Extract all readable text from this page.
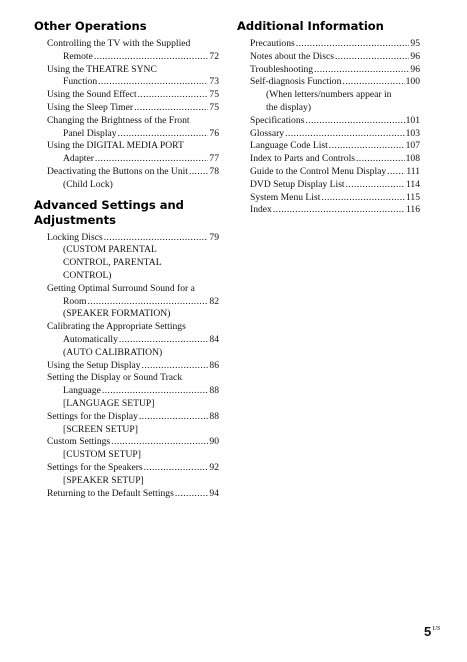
Other Operations
Controlling the TV with the Supplied
Remote .....	72
Using the THEATRE SYNC
Function .....	73
Using the Sound Effect .....	75
Using the Sleep Timer .....	75
Changing the Brightness of the Front
Panel Display .....	76
Using the DIGITAL MEDIA PORT
Adapter .....	77
Deactivating the Buttons on the Unit ..... 78
(Child Lock)
Advanced Settings and Adjustments
Locking Discs .....	79
(CUSTOM PARENTAL
CONTROL, PARENTAL
CONTROL)
Getting Optimal Surround Sound for a
Room .....	82
(SPEAKER FORMATION)
Calibrating the Appropriate Settings
Automatically .....	84
(AUTO CALIBRATION)
Using the Setup Display .....	86
Setting the Display or Sound Track
Language .....	88
[LANGUAGE SETUP]
Settings for the Display .....	88
[SCREEN SETUP]
Custom Settings .....	90
[CUSTOM SETUP]
Settings for the Speakers .....	92
[SPEAKER SETUP]
Returning to the Default Settings .....	94
Additional Information
Precautions .....	95
Notes about the Discs .....	96
Troubleshooting .....	96
Self-diagnosis Function .....	100
(When letters/numbers appear in
the display)
Specifications .....	101
Glossary .....	103
Language Code List .....	107
Index to Parts and Controls .....	108
Guide to the Control Menu Display ..... 111
DVD Setup Display List .....	114
System Menu List .....	115
Index .....	116
$5^{US}$
